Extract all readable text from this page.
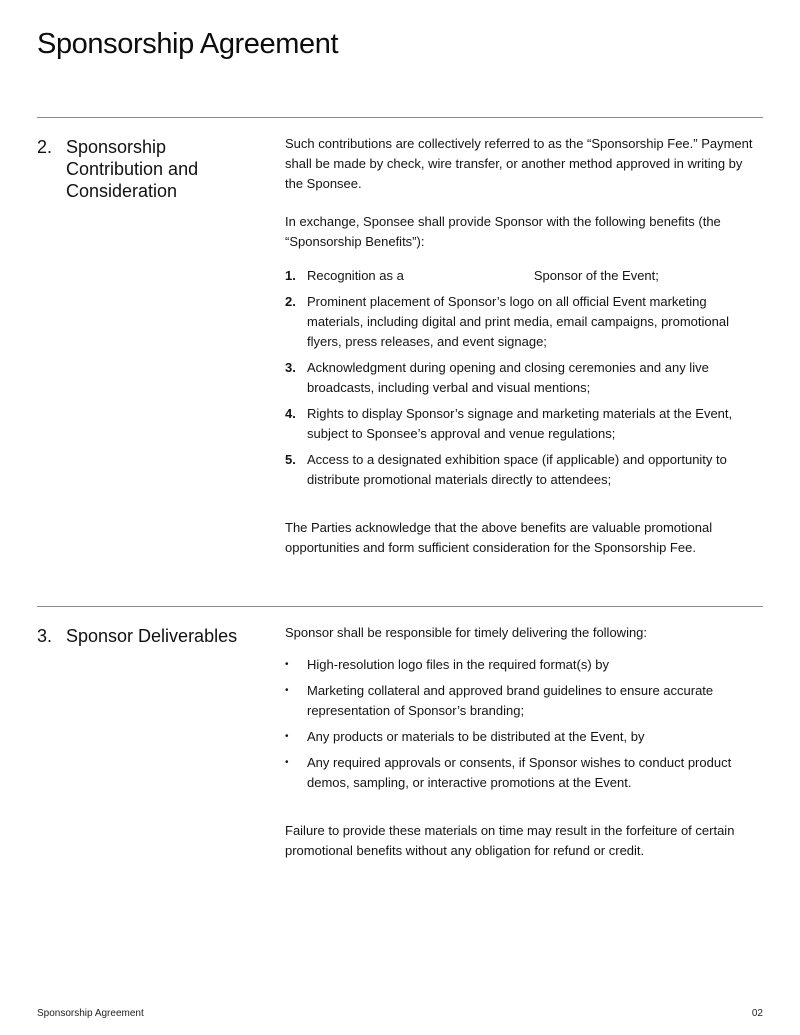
Sponsorship Agreement
2. Sponsorship Contribution and Consideration

Such contributions are collectively referred to as the “Sponsorship Fee.” Payment shall be made by check, wire transfer, or another method approved in writing by the Sponsee.

In exchange, Sponsee shall provide Sponsor with the following benefits (the “Sponsorship Benefits”):

1. Recognition as a                                    Sponsor of the Event;
2. Prominent placement of Sponsor’s logo on all official Event marketing materials, including digital and print media, email campaigns, promotional flyers, press releases, and event signage;
3. Acknowledgment during opening and closing ceremonies and any live broadcasts, including verbal and visual mentions;
4. Rights to display Sponsor’s signage and marketing materials at the Event, subject to Sponsee’s approval and venue regulations;
5. Access to a designated exhibition space (if applicable) and opportunity to distribute promotional materials directly to attendees;

The Parties acknowledge that the above benefits are valuable promotional opportunities and form sufficient consideration for the Sponsorship Fee.

3. Sponsor Deliverables	Sponsor shall be responsible for timely delivering the following:

•	High-resolution logo files in the required format(s) by
•	Marketing collateral and approved brand guidelines to ensure accurate representation of Sponsor’s branding;
•	Any products or materials to be distributed at the Event, by
•	Any required approvals or consents, if Sponsor wishes to conduct product demos, sampling, or interactive promotions at the Event.

Failure to provide these materials on time may result in the forfeiture of certain promotional benefits without any obligation for refund or credit.

Sponsorship Agreement	02
